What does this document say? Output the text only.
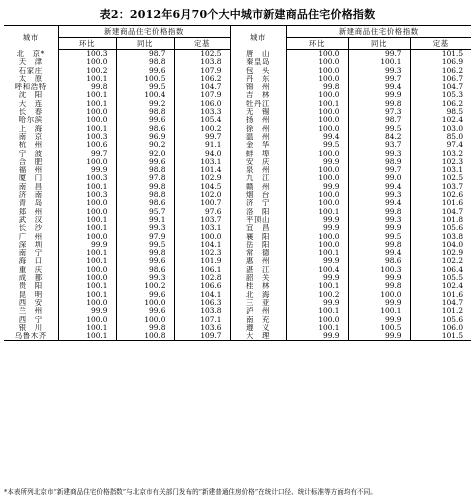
表2：2012年6月70个大中城市新建商品住宅价格指数
城市	新建商品住宅价格指数			城市	新建商品住宅价格指数		
	环比	同比	定基		环比	同比	定基
北　京*	100.3	98.7	102.5	唐　山	100.0	99.7	101.5
天　津	100.0	98.8	103.8	秦皇岛	100.0	100.1	106.9
石家庄	100.2	99.6	107.9	包　头	100.0	99.3	106.2
太　原	100.1	100.5	106.2	丹　东	100.0	99.7	106.7
呼和浩特	99.8	99.5	104.7	锦　州	99.8	99.4	104.7
沈　阳	100.1	100.4	107.9	吉　林	100.0	99.9	105.3
大　连	100.1	99.2	106.0	牡丹江	100.1	99.8	106.2
长　春	100.0	98.8	103.3	无　锡	100.0	97.3	98.5
哈尔滨	100.0	99.6	105.4	扬　州	100.0	98.7	102.4
上　海	100.1	98.6	100.2	徐　州	100.0	99.5	103.0
南　京	100.3	96.9	99.7	温　州	99.4	84.2	85.0
杭　州	100.6	90.2	91.1	金　华	99.5	93.7	97.4
宁　波	99.7	92.0	94.0	蚌　埠	100.0	99.3	103.2
合　肥	100.0	99.6	103.1	安　庆	99.9	98.9	102.3
福　州	99.9	98.8	101.4	泉　州	100.0	99.7	103.1
厦　门	100.3	97.8	102.9	九　江	100.0	99.0	102.5
南　昌	100.1	99.8	104.5	赣　州	99.9	99.4	103.7
济　南	100.3	98.8	102.0	烟　台	100.0	99.3	102.6
青　岛	100.0	98.6	100.7	济　宁	100.0	99.4	101.6
郑　州	100.0	95.7	97.6	洛　阳	100.1	99.8	104.7
武　汉	100.1	99.1	103.7	平顶山	99.9	99.3	101.8
长　沙	100.1	99.3	103.1	宜　昌	99.9	99.9	105.6
广　州	100.0	97.9	100.0	襄　阳	100.0	99.5	103.8
深　圳	99.9	99.5	104.1	岳　阳	100.0	99.8	104.0
南　宁	100.1	99.8	102.3	常　德	100.1	99.4	102.9
海　口	100.1	99.6	101.9	惠　州	99.9	98.6	102.2
重　庆	100.0	98.6	106.1	湛　江	100.4	100.3	106.4
成　都	100.0	99.3	102.8	韶　关	99.9	99.9	105.5
贵　阳	100.1	100.2	106.6	桂　林	100.1	99.8	102.4
昆　明	100.1	99.6	104.1	北　海	100.2	100.0	101.6
西　安	100.0	100.0	106.3	三　亚	99.9	99.9	104.7
兰　州	99.9	99.6	103.8	泸　州	100.1	100.1	101.2
西　宁	100.0	100.0	107.1	南　充	100.0	99.9	105.6
银　川	100.1	99.8	103.6	遵　义	100.1	100.5	106.0
乌鲁木齐	100.1	100.8	109.7	大　理	99.9	99.9	101.5
*本表所列北京市“新建商品住宅价格指数”与北京市有关部门发布的“新建普通住房价格”在统计口径、统计标准等方面均有不同。
